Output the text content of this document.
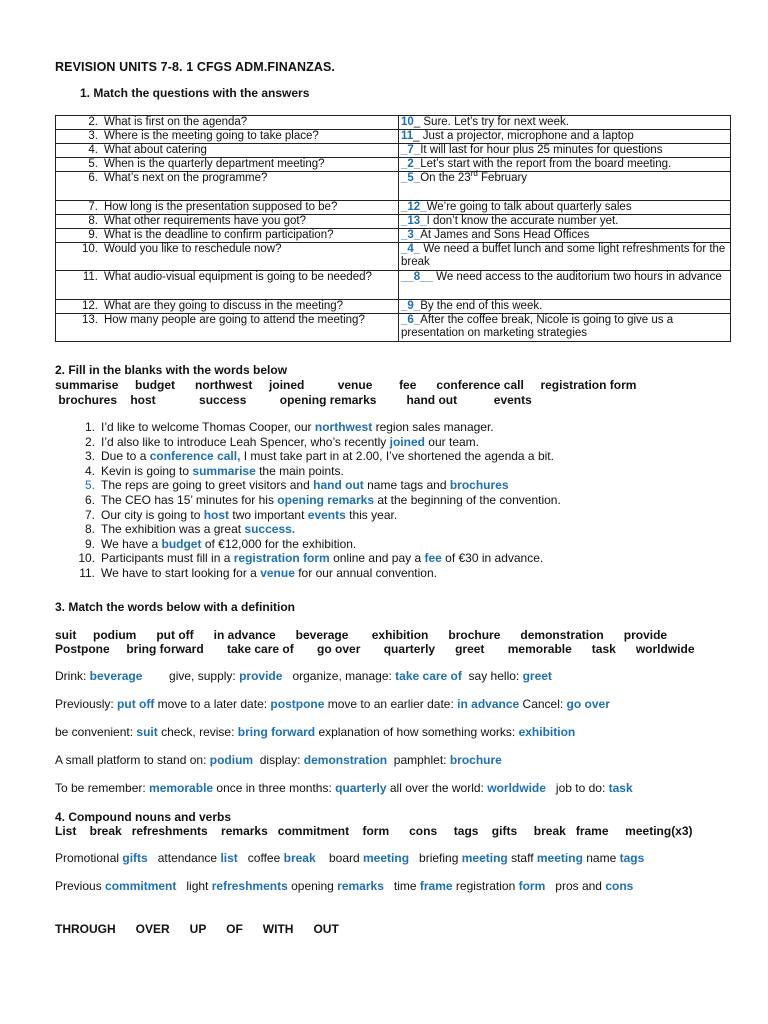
REVISION UNITS 7-8. 1 CFGS ADM.FINANZAS.
1. Match the questions with the answers
2. What is first on the agenda?	10_ Sure. Let’s try for next week.

3. Where is the meeting going to take place?	11_ Just a projector, microphone and a laptop

4. What about catering	_7_It will last for hour plus 25 minutes for questions

5. When is the quarterly department meeting?	_2_Let’s start with the report from the board meeting.

6. What’s next on the programme?	_5_On the 23rd February

7. How long is the presentation supposed to be?	_12_We’re going to talk about quarterly sales

8. What other requirements have you got?	_13_I don’t know the accurate number yet.

9. What is the deadline to confirm participation?	_3_At James and Sons Head Offices

10. Would you like to reschedule now?	_4_ We need a buffet lunch and some light refreshments for the break

11. What audio-visual equipment is going to be needed?	__8__ We need access to the auditorium two hours in advance

12. What are they going to discuss in the meeting?	_9_By the end of this week.

13. How many people are going to attend the meeting?	_6_After the coffee break, Nicole is going to give us a presentation on marketing strategies
2. Fill in the blanks with the words below
summarise     budget      northwest     joined          venue        fee      conference call     registration form
brochures    host             success          opening remarks         hand out           events
1. I’d like to welcome Thomas Cooper, our northwest region sales manager.
2. I’d also like to introduce Leah Spencer, who’s recently joined our team.
3. Due to a conference call, I must take part in at 2.00, I’ve shortened the agenda a bit.
4. Kevin is going to summarise the main points.
5. The reps are going to greet visitors and hand out name tags and brochures
6. The CEO has 15’ minutes for his opening remarks at the beginning of the convention.
7. Our city is going to host two important events this year.
8. The exhibition was a great success.
9. We have a budget of €12,000 for the exhibition.
10. Participants must fill in a registration form online and pay a fee of €30 in advance.
11. We have to start looking for a venue for our annual convention.
3. Match the words below with a definition
suit     podium      put off      in advance      beverage       exhibition      brochure      demonstration      provide
Postpone     bring forward       take care of       go over       quarterly      greet       memorable      task      worldwide
Drink: beverage        give, supply: provide   organize, manage: take care of  say hello: greet
Previously: put off move to a later date: postpone move to an earlier date: in advance Cancel: go over
be convenient: suit check, revise: bring forward explanation of how something works: exhibition
A small platform to stand on: podium  display: demonstration  pamphlet: brochure
To be remember: memorable once in three months: quarterly all over the world: worldwide   job to do: task
4. Compound nouns and verbs
List    break   refreshments    remarks   commitment    form      cons     tags    gifts     break   frame     meeting(x3)
Promotional gifts   attendance list   coffee break    board meeting   briefing meeting staff meeting name tags
Previous commitment   light refreshments opening remarks   time frame registration form   pros and cons
THROUGH      OVER      UP      OF      WITH      OUT
